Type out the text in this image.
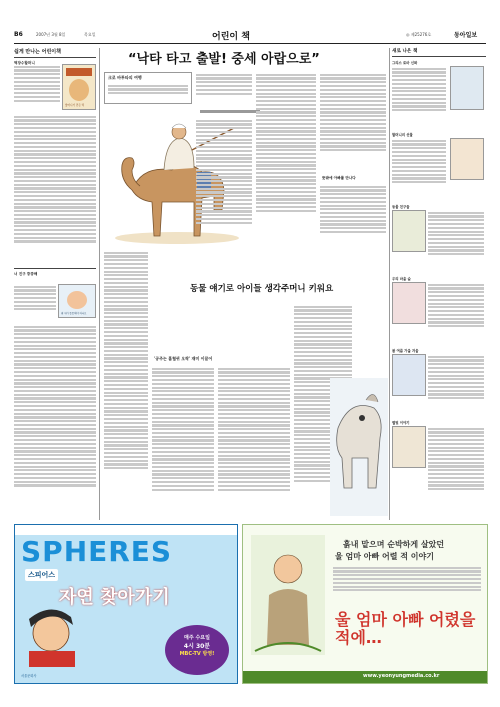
B6	2007년 3월 8일	목요일	어린이 책	◎ 제25276호	동아일보
쉽게 만나는 어린이책
떡장수할머니
할머니가 만든 떡
너 진구 뚱뚱해
왜 내가 뚱뚱해야 하나요
“낙타 타고 출발! 중세 아랍으로”
크로 바투타의 여행
뜻밖에 아빠를 만나다
동물 얘기로 아이들 생각주머니 키워요
'공주는 흡혈귀 오싹' 재미 이끌어
새로 나온 책
그리스 로마 신화
할머니의 선물
동물 친구들
우리 마을 숲
봄 여름 가을 겨울
별빛 이야기
SPHERES
스피어스
자연 찾아가기
매주 수요일
4시 30분
MBC-TV 방영!
서울문화사
흙내 맡으며 순박하게 살았던
울 엄마 아빠 어렬 적 이야기
울 엄마 아빠 어렸을 적에…
www.yeonyungmedia.co.kr
